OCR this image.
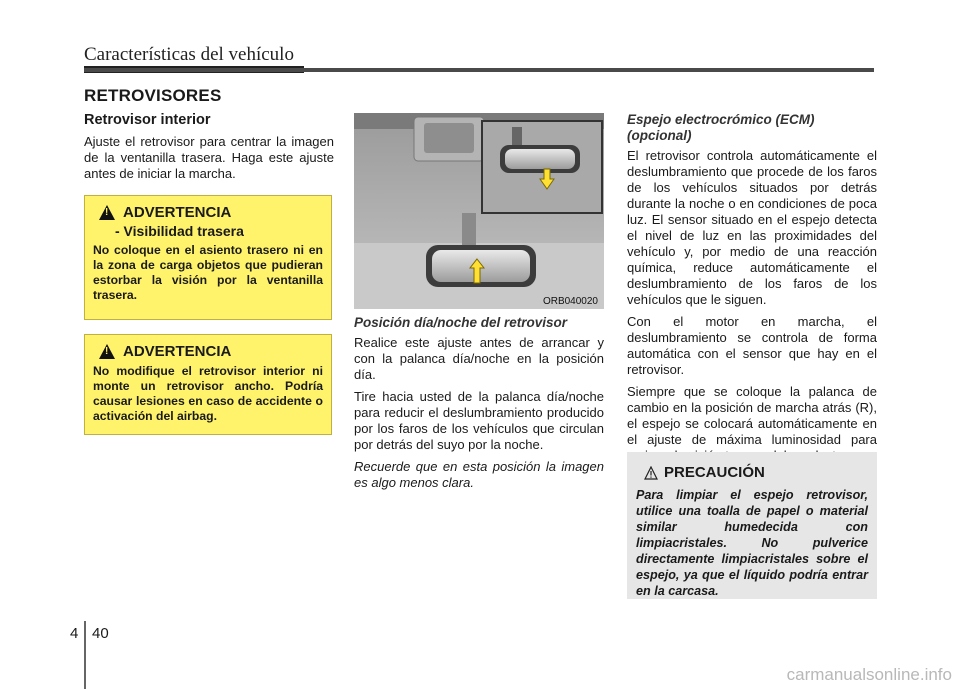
Características del vehículo
RETROVISORES
Retrovisor interior

Ajuste el retrovisor para centrar la imagen de la ventanilla trasera. Haga este ajuste antes de iniciar la marcha.

!
ADVERTENCIA
- Visibilidad trasera
No coloque en el asiento trasero ni en la zona de carga objetos que pudieran estorbar la visión por la ventanilla trasera.
!
ADVERTENCIA
No modifique el retrovisor interior ni monte un retrovisor ancho. Podría causar lesiones en caso de accidente o activación del airbag.
ORB040020
Posición día/noche del retrovisor

Realice este ajuste antes de arrancar y con la palanca día/noche en la posición día.

Tire hacia usted de la palanca día/noche para reducir el deslumbramiento producido por los faros de los vehículos que circulan por detrás del suyo por la noche.

Recuerde que en esta posición la imagen es algo menos clara.

Espejo electrocrómico (ECM) (opcional)

El retrovisor controla automáticamente el deslumbramiento que procede de los faros de los vehículos situados por detrás durante la noche o en condiciones de poca luz. El sensor situado en el espejo detecta el nivel de luz en las proximidades del vehículo y, por medio de una reacción química, reduce automáticamente el deslumbramiento de los faros de los vehículos que le siguen.

Con el motor en marcha, el deslumbramiento se controla de forma automática con el sensor que hay en el retrovisor.

Siempre que se coloque la palanca de cambio en la posición de marcha atrás (R), el espejo se colocará automáticamente en el ajuste de máxima luminosidad para

PRECAUCIÓN
Para limpiar el espejo retrovisor, utilice una toalla de papel o material similar humedecida con limpiacristales. No pulverice directamente limpiacristales sobre el espejo, ya que el líquido podría entrar en la carcasa.
4 40
carmanualsonline.info
